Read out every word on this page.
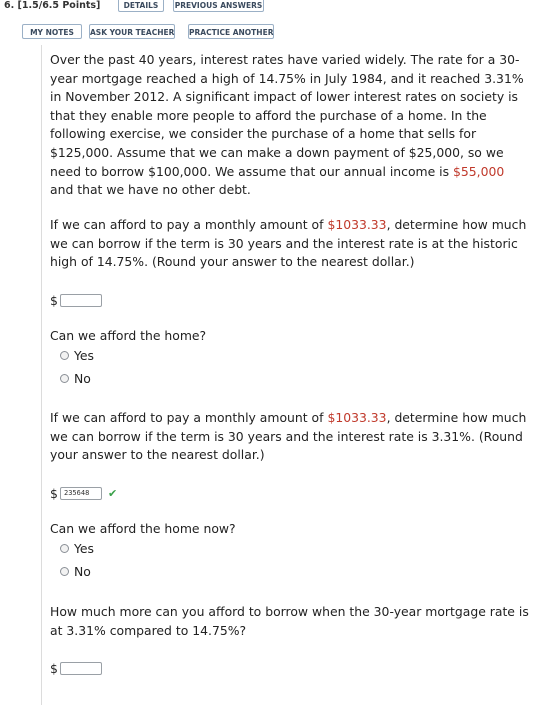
6. [1.5/6.5 Points]	DETAILS	PREVIOUS ANSWERS
MY NOTES	ASK YOUR TEACHER PRACTICE ANOTHER
Over the past 40 years, interest rates have varied widely. The rate for a 30-year mortgage reached a high of 14.75% in July 1984, and it reached 3.31% in November 2012. A significant impact of lower interest rates on society is that they enable more people to afford the purchase of a home. In the following exercise, we consider the purchase of a home that sells for $125,000. Assume that we can make a down payment of $25,000, so we need to borrow $100,000. We assume that our annual income is $55,000 and that we have no other debt.
If we can afford to pay a monthly amount of $1033.33, determine how much we can borrow if the term is 30 years and the interest rate is at the historic high of 14.75%. (Round your answer to the nearest dollar.)
$
Can we afford the home?
Yes
No
If we can afford to pay a monthly amount of $1033.33, determine how much we can borrow if the term is 30 years and the interest rate is 3.31%. (Round your answer to the nearest dollar.)
$ 235648	✔
Can we afford the home now?
Yes
No
How much more can you afford to borrow when the 30-year mortgage rate is at 3.31% compared to 14.75%?
$
